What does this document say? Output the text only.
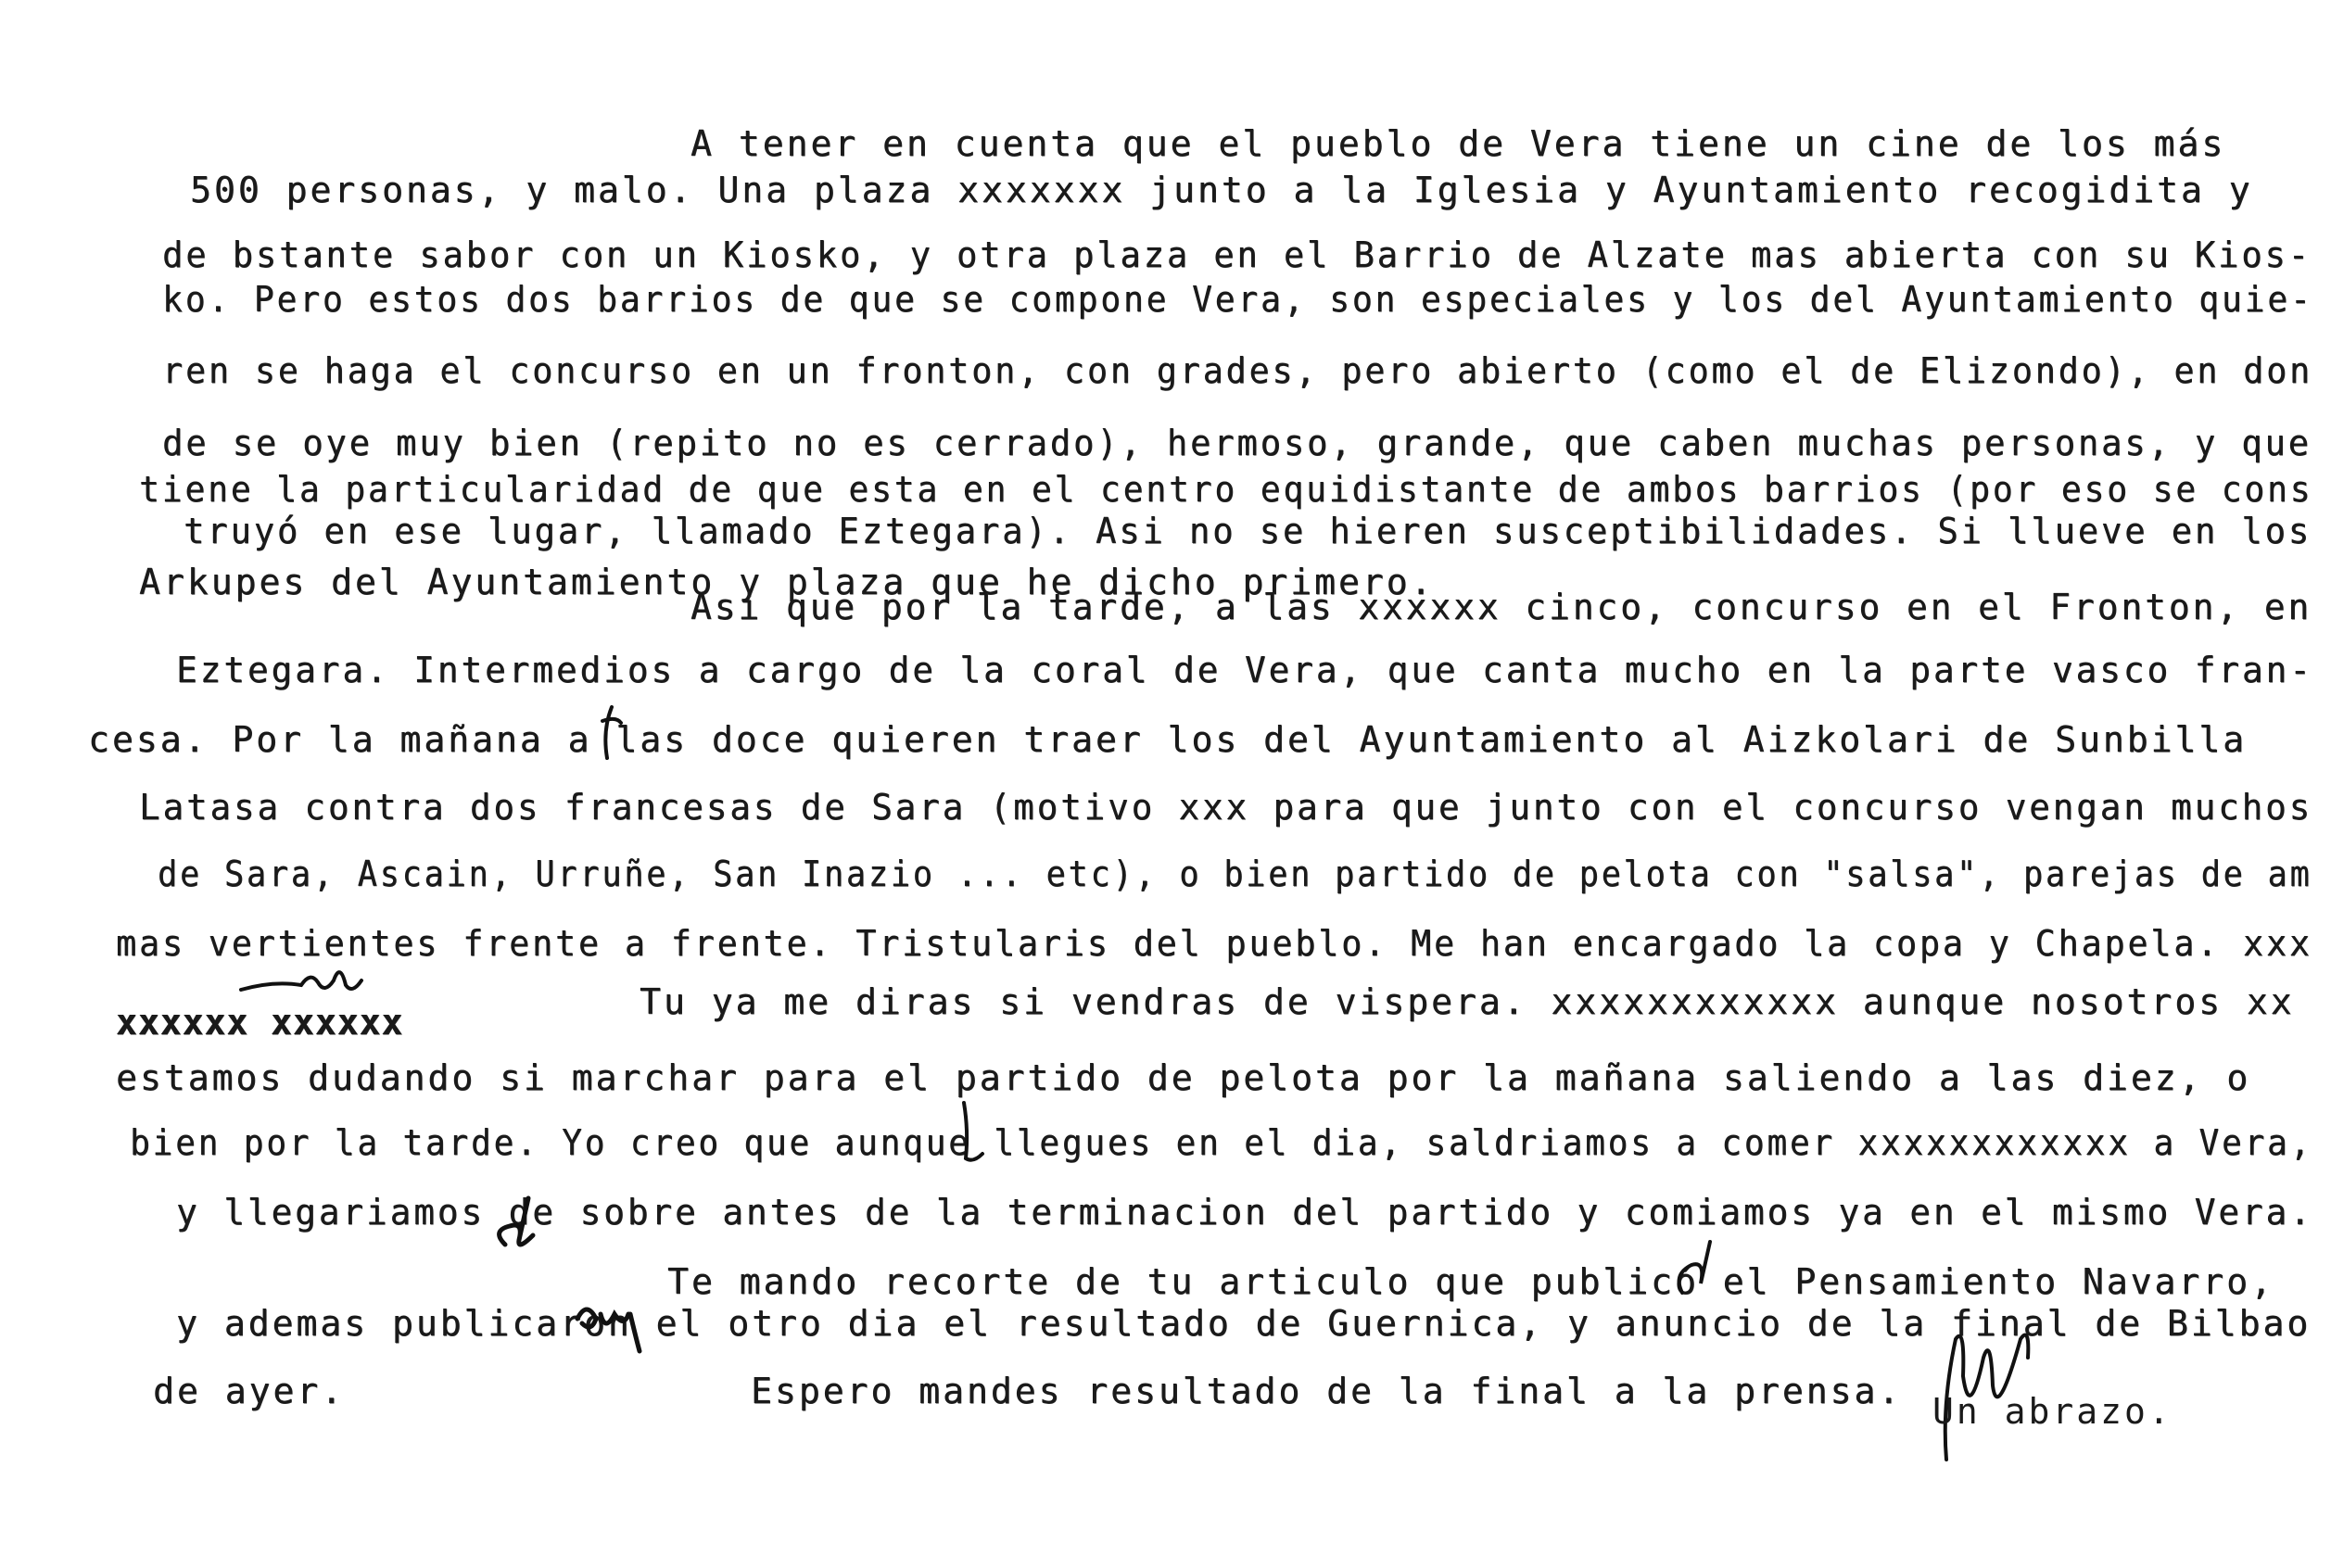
A tener en cuenta que el pueblo de Vera tiene un cine de los más
500 personas, y malo. Una plaza xxxxxxx junto a la Iglesia y Ayuntamiento recogidita y
de bstante sabor con un Kiosko, y otra plaza en el Barrio de Alzate mas abierta con su Kios-
ko. Pero estos dos barrios de que se compone Vera, son especiales y los del Ayuntamiento quie-
ren se haga el concurso en un fronton, con grades, pero abierto (como el de Elizondo), en don
de se oye muy bien (repito no es cerrado), hermoso, grande, que caben muchas personas, y que
tiene la particularidad de que esta en el centro equidistante de ambos barrios (por eso se cons
truyó en ese lugar, llamado Eztegara). Asi no se hieren susceptibilidades. Si llueve en los
Arkupes del Ayuntamiento y plaza que he dicho primero.
Asi que por la tarde, a las xxxxxx cinco, concurso en el Fronton, en
Eztegara. Intermedios a cargo de la coral de Vera, que canta mucho en la parte vasco fran-
cesa. Por la mañana a las doce quieren traer los del Ayuntamiento al Aizkolari de Sunbilla
Latasa contra dos francesas de Sara (motivo xxx para que junto con el concurso vengan muchos
de Sara, Ascain, Urruñe, San Inazio ... etc), o bien partido de pelota con "salsa", parejas de am
mas vertientes frente a frente. Tristularis del pueblo. Me han encargado la copa y Chapela. xxx
xxxxxx xxxxxx	Tu ya me diras si vendras de vispera. xxxxxxxxxxxx aunque nosotros xx
estamos dudando si marchar para el partido de pelota por la mañana saliendo a las diez, o
bien por la tarde. Yo creo que aunque llegues en el dia, saldriamos a comer xxxxxxxxxxxx a Vera,
y llegariamos de sobre antes de la terminacion del partido y comiamos ya en el mismo Vera.
Te mando recorte de tu articulo que publicó el Pensamiento Navarro,
y ademas publicaron el otro dia el resultado de Guernica, y anuncio de la final de Bilbao
de ayer.	Espero mandes resultado de la final a la prensa. Un abrazo.
